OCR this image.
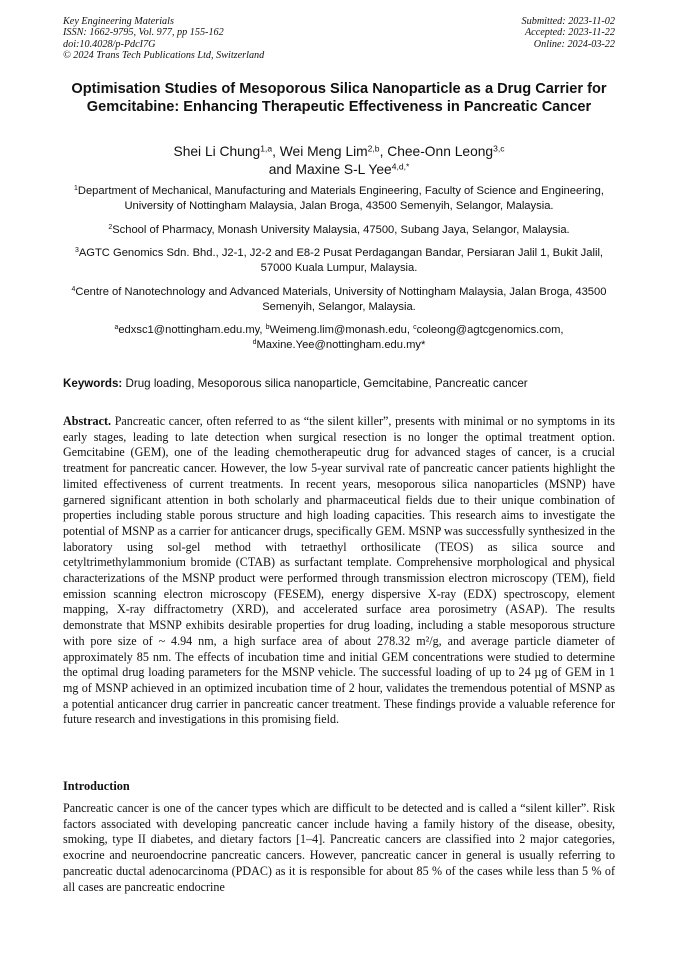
Key Engineering Materials
ISSN: 1662-9795, Vol. 977, pp 155-162
doi:10.4028/p-PdcI7G
© 2024 Trans Tech Publications Ltd, Switzerland
Submitted: 2023-11-02
Accepted: 2023-11-22
Online: 2024-03-22
Optimisation Studies of Mesoporous Silica Nanoparticle as a Drug Carrier for Gemcitabine: Enhancing Therapeutic Effectiveness in Pancreatic Cancer
Shei Li Chung$^{1,a}$, Wei Meng Lim$^{2,b}$, Chee-Onn Leong$^{3,c}$
and Maxine S-L Yee$^{4,d,*}$

$^1$Department of Mechanical, Manufacturing and Materials Engineering, Faculty of Science and Engineering, University of Nottingham Malaysia, Jalan Broga, 43500 Semenyih, Selangor, Malaysia.

$^2$School of Pharmacy, Monash University Malaysia, 47500, Subang Jaya, Selangor, Malaysia.

$^3$AGTC Genomics Sdn. Bhd., J2-1, J2-2 and E8-2 Pusat Perdagangan Bandar, Persiaran Jalil 1, Bukit Jalil, 57000 Kuala Lumpur, Malaysia.

$^4$Centre of Nanotechnology and Advanced Materials, University of Nottingham Malaysia, Jalan Broga, 43500 Semenyih, Selangor, Malaysia.

$^a$edxsc1@nottingham.edu.my, $^b$Weimeng.lim@monash.edu, $^c$coleong@agtcgenomics.com,
$^d$Maxine.Yee@nottingham.edu.my*

Keywords: Drug loading, Mesoporous silica nanoparticle, Gemcitabine, Pancreatic cancer
Abstract. Pancreatic cancer, often referred to as “the silent killer”, presents with minimal or no symptoms in its early stages, leading to late detection when surgical resection is no longer the optimal treatment option. Gemcitabine (GEM), one of the leading chemotherapeutic drug for advanced stages of cancer, is a crucial treatment for pancreatic cancer. However, the low 5-year survival rate of pancreatic cancer patients highlight the limited effectiveness of current treatments. In recent years, mesoporous silica nanoparticles (MSNP) have garnered significant attention in both scholarly and pharmaceutical fields due to their unique combination of properties including stable porous structure and high loading capacities. This research aims to investigate the potential of MSNP as a carrier for anticancer drugs, specifically GEM. MSNP was successfully synthesized in the laboratory using sol-gel method with tetraethyl orthosilicate (TEOS) as silica source and cetyltrimethylammonium bromide (CTAB) as surfactant template. Comprehensive morphological and physical characterizations of the MSNP product were performed through transmission electron microscopy (TEM), field emission scanning electron microscopy (FESEM), energy dispersive X-ray (EDX) spectroscopy, element mapping, X-ray diffractometry (XRD), and accelerated surface area porosimetry (ASAP). The results demonstrate that MSNP exhibits desirable properties for drug loading, including a stable mesoporous structure with pore size of ~ 4.94 nm, a high surface area of about 278.32 m²/g, and average particle diameter of approximately 85 nm. The effects of incubation time and initial GEM concentrations were studied to determine the optimal drug loading parameters for the MSNP vehicle. The successful loading of up to 24 µg of GEM in 1 mg of MSNP achieved in an optimized incubation time of 2 hour, validates the tremendous potential of MSNP as a potential anticancer drug carrier in pancreatic cancer treatment. These findings provide a valuable reference for future research and investigations in this promising field.
Introduction
Pancreatic cancer is one of the cancer types which are difficult to be detected and is called a “silent killer”. Risk factors associated with developing pancreatic cancer include having a family history of the disease, obesity, smoking, type II diabetes, and dietary factors [1–4]. Pancreatic cancers are classified into 2 major categories, exocrine and neuroendocrine pancreatic cancers. However, pancreatic cancer in general is usually referring to pancreatic ductal adenocarcinoma (PDAC) as it is responsible for about 85 % of the cases while less than 5 % of all cases are pancreatic endocrine
